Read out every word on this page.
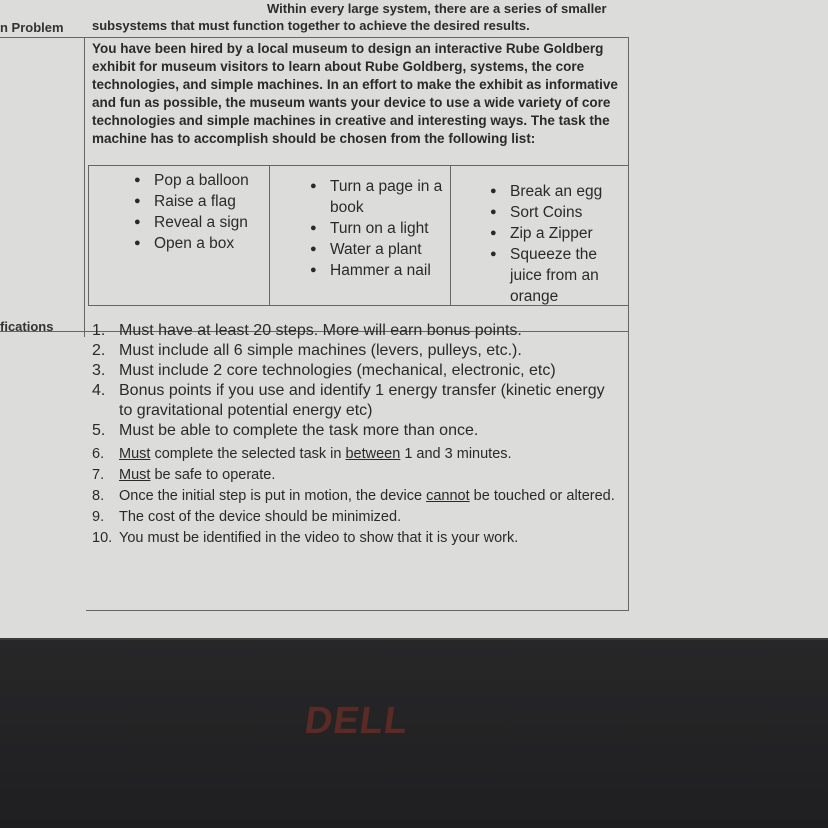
Within every large system, there are a series of smaller
subsystems that must function together to achieve the desired results.
n Problem
fications
You have been hired by a local museum to design an interactive Rube Goldberg exhibit for museum visitors to learn about Rube Goldberg, systems, the core technologies, and simple machines. In an effort to make the exhibit as informative and fun as possible, the museum wants your device to use a wide variety of core technologies and simple machines in creative and interesting ways. The task the machine has to accomplish should be chosen from the following list:
● Pop a balloon
● Raise a flag
● Reveal a sign
● Open a box
● Turn a page in a book
● Turn on a light
● Water a plant
● Hammer a nail
● Break an egg
● Sort Coins
● Zip a Zipper
● Squeeze the juice from an orange
1. Must have at least 20 steps. More will earn bonus points.
2. Must include all 6 simple machines (levers, pulleys, etc.).
3. Must include 2 core technologies (mechanical, electronic, etc)
4. Bonus points if you use and identify 1 energy transfer (kinetic energy to gravitational potential energy etc)
5. Must be able to complete the task more than once.
6. Must complete the selected task in between 1 and 3 minutes.
7. Must be safe to operate.
8. Once the initial step is put in motion, the device cannot be touched or altered.
9. The cost of the device should be minimized.
10. You must be identified in the video to show that it is your work.
DELL
